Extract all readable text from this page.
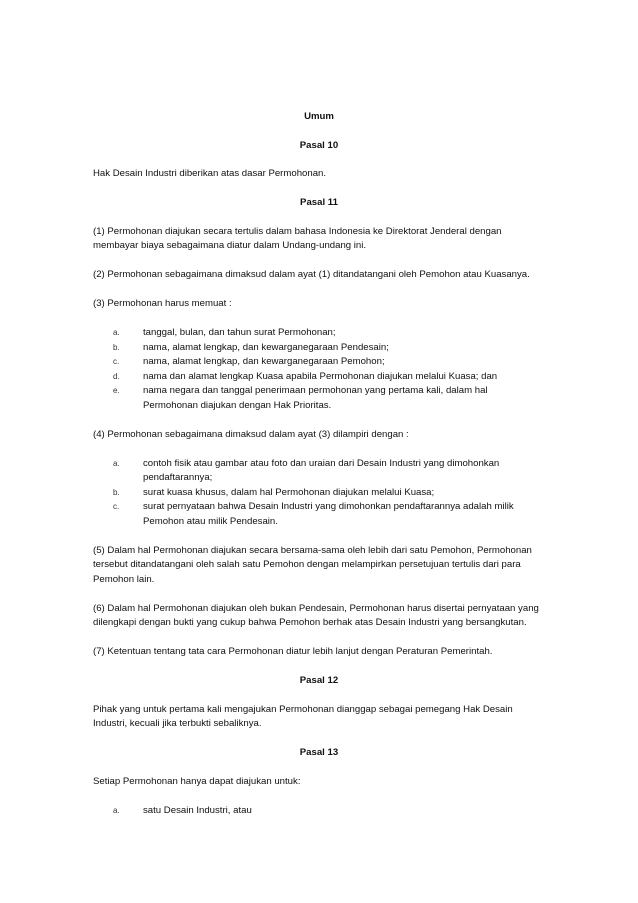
Umum
Pasal 10

Hak Desain Industri diberikan atas dasar Permohonan.

Pasal 11

(1) Permohonan diajukan secara tertulis dalam bahasa Indonesia ke Direktorat Jenderal dengan membayar biaya sebagaimana diatur dalam Undang-undang ini.

(2) Permohonan sebagaimana dimaksud dalam ayat (1) ditandatangani oleh Pemohon atau Kuasanya.

(3) Permohonan harus memuat :

a.	tanggal, bulan, dan tahun surat Permohonan;
b.	nama, alamat lengkap, dan kewarganegaraan Pendesain;
c.	nama, alamat lengkap, dan kewarganegaraan Pemohon;
d.	nama dan alamat lengkap Kuasa apabila Permohonan diajukan melalui Kuasa; dan
e.	nama negara dan tanggal penerimaan permohonan yang pertama kali, dalam hal Permohonan diajukan dengan Hak Prioritas.

(4) Permohonan sebagaimana dimaksud dalam ayat (3) dilampiri dengan :

a.	contoh fisik atau gambar atau foto dan uraian dari Desain Industri yang dimohonkan pendaftarannya;
b.	surat kuasa khusus, dalam hal Permohonan diajukan melalui Kuasa;
c.	surat pernyataan bahwa Desain Industri yang dimohonkan pendaftarannya adalah milik Pemohon atau milik Pendesain.

(5) Dalam hal Permohonan diajukan secara bersama-sama oleh lebih dari satu Pemohon, Permohonan tersebut ditandatangani oleh salah satu Pemohon dengan melampirkan persetujuan tertulis dari para Pemohon lain.

(6) Dalam hal Permohonan diajukan oleh bukan Pendesain, Permohonan harus disertai pernyataan yang dilengkapi dengan bukti yang cukup bahwa Pemohon berhak atas Desain Industri yang bersangkutan.

(7) Ketentuan tentang tata cara Permohonan diatur lebih lanjut dengan Peraturan Pemerintah.

Pasal 12

Pihak yang untuk pertama kali mengajukan Permohonan dianggap sebagai pemegang Hak Desain Industri, kecuali jika terbukti sebaliknya.

Pasal 13

Setiap Permohonan hanya dapat diajukan untuk:

a.	satu Desain Industri, atau
